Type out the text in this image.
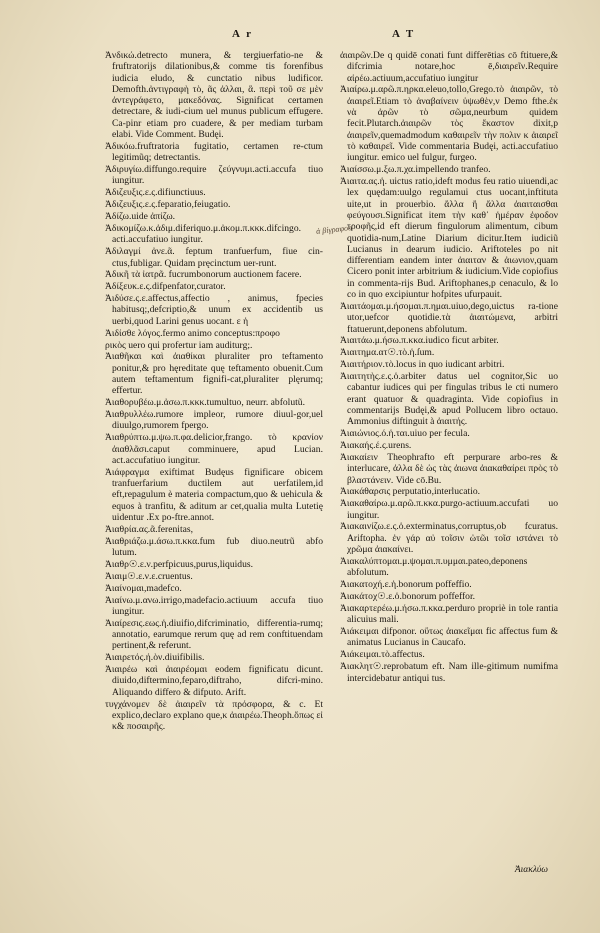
A r	A T

✱ Ἀνδικώ.detrecto munera, & tergiuerfatio-ne & fruftratorijs dilationibus,& comme tis forenfibus iudicia eludo, & cunctatio nibus ludificor. Demofth.ἀντιγραφὴ τὸ, ᾶς ἀλλαι, ἃ. περὶ τοῦ σε μὲν ἀντεγράφετο, μακεδόνας. Significat certamen detrectare, & iudi-cium uel munus publicum effugere. Ca-pinr etiam pro cuadere, & per mediam turbam elabi. Vide Comment. Budęi.

✱ Ἀδικόω.fruftratoria fugitatio, certamen re-ctum legitimũq; detrectantis.

Ἀδιρυγίω.diffungo.require ζεύγνυμι.acti.accufa tiuo iungitur.

Ἀδιζευξις.ε.ς.difiunctiuus.

Ἀδιζευξις.ε.ς.feparatio,feiugatio.

Ἀδίζω.uide ἀπίζω.

✱ Ἀδικομίζω.κ.ἀδιμ.diferiquo.μ.ἀκομ.π.κκκ.difcingo. acti.accufatiuo iungitur.

✱ Ἀδιλαγμί ἀνε.ᾶ. feptum tranfuerfum, fiue cin-ctus,fubligar. Quidam pręcinctum uer-runt.

Ἀδικῆ τὰ ἰατρᾶ. fucrumbonorum auctionem facere.

Ἀδίξευκ.ε.ς.difpenfator,curator.

Ἀιδύσε.ς.ε.affectus,affectio , animus, fpecies habitusq;,defcriptio,& unum ex accidentib us uerbi,quod Larini genus uocant. ε ἡ

Ἀιδίσθε λόγος.fermo animo conceptus:προφο

✱ ρικὸς uero qui profertur iam auditurg;.

✱ Ἀιαθῆκαι καὶ ἀιαθίκαι pluraliter pro teftamento ponitur,& pro hęreditate quę teftamento obuenit.Cum autem teftamentum fignifi-cat,pluraliter plęrumq; effertur.

Ἀιαθορυβέω.μ.ἀσω.π.κκκ.tumultuo, neurr. abfolutũ.

Ἀιαθρυλλέω.rumore impleor, rumore diuul-gor,uel diuulgo,rumorem fpergo.

✱ Ἀιαθρύπτω.μ.ψω.π.φα.delicior,frango. τὸ κρανίον ἀιαθλᾶσι.caput comminuere, apud Lucian. act.accufatiuo iungitur.

✱ Ἀιάφραγμα exiftimat Budęus fignificare obicem tranfuerfarium ductilem aut uerfatilem,id eft,repagulum è materia compactum,quo & uehicula & equos à tranfitu, & aditum ar cet,qualia multa Lutetię uidentur .Ex po-ftre.annot.

Ἀιαθρία.ας.ᾶ.ferenitas,

Ἀιαθριάζω.μ.άσω.π.κκα.fum fub diuo.neutrũ abfo lutum.

Ἀιαθρ☉.ε.ν.perfpicuus,purus,liquidus.

Ἀιαιμ☉.ε.ν.ε.cruentus.

Ἀιαίνομαι,madefco.

Ἀιαίνω.μ.ανω.irrigo,madefacio.actiuum accufa tiuo iungitur.

✱ Ἀιαίρεσις.εως.ἡ.diuifio,difcriminatio, differentia-rumq; annotatio, earumque rerum quę ad rem conftituendam pertinent,& referunt.

Ἀιαιρετός.ή.ὸν.diuifibilis.

✱ Ἀιαιρέω καὶ ἀιαιρέομαι eodem fignificatu dicunt. diuido,diftermino,feparo,diftraho, difcri-mino. Aliquando differo & difputo. Arift.

τυγχάνομεν δὲ ἀιαιρεῖν τὰ πρόσφορα, & c. Et explico,declaro explano que,κ ἀιαιρέω.Theoph.ὅπως εἰ κ& ποσαιρῆς.

ἀιαιρῶν.De q quidē conati funt differētias cō ftituere,& difcrimia notare,hoc ē,διαιρεῖν.Require αἱρέω.actiuum,accufatiuo iungitur

✱ Ἀιαίρω.μ.αρῶ.π.ηρκα.eleuo,tollo,Grego.τὸ ἀιαιρῶν, τὸ ἀιαιρεῖ.Etiam τὸ ἀναβαίνειν ὑψωθὲν,ν Demo fthe.ἐκ νὰ ἀρῶν τὸ σῶμα,neurbum quidem fecit.Plutarch.ἀιαιρῶν τὸς ἔκαστον dixit,p ἀιαιρεῖν,quemadmodum καθαιρεῖν τὴν πολιν κ ἀιαιρεῖ τὸ καθαιρεῖ. Vide commentaria Budęi, acti.accufatiuo iungitur. emico uel fulgur, furgeo.

Ἀιαίσσω.μ.ξω.π.χα.impellendo tranfeo.

✱ Ἀιαιτα.ας.ἡ. uictus ratio,ideft modus feu ratio uiuendi,ac lex quędam:uulgo regulamui ctus uocant,inftituta uite,ut in prouerbio. ἄλλα ἢ ἄλλα ἀιαιταισθαι φεύγουσι.Significat item τὴν καθ᾽ ἡμέραν ἐφοδον τροφῆς,id eft dierum fingulorum alimentum, cibum quotidia-num,Latine Diarium dicitur.Item iudiciũ Lucianus in dearum iudicio. Ariftoteles po nit differentiam eandem inter ἀιαιταν & ἀιωνιον,quam Cicero ponit inter arbitrium & iudicium.Vide copiofius in commenta-rijs Bud. Ariftophanes,p cenaculo, & lo co in quo excipiuntur hofpites ufurpauit.

✱ Ἀιαιτάομαι.μ.ήσομαι.π.ημαι.uiuo,dego,uictus ra-tione utor,uefcor quotidie.τὰ ἀιαιτώμενα, arbitri ftatuerunt,deponens abfolutum.

Ἀιαιτάω.μ.ήσω.π.κκα.iudico ficut arbiter.

✱ Ἀιαιτημα.ατ☉.τὸ.ἡ.ſum.

Ἀιαιτήριον.τὸ.locus in quo iudicant arbitri.

✱ Ἀιαιτητὴς.ε.ς.ὁ.arbiter datus uel cognitor,Sic uo cabantur iudices qui per fingulas tribus le cti numero erant quatuor & quadraginta. Vide copiofius in commentarijs Budęi,& apud Pollucem libro octauo. Ammonius diftinguit à ἀιαιτής.

Ἀιαιώνιος.ό.ἡ.ται.uiuo per fecula.

Ἀιακαής.έ.ς.urens.

✱ Ἀιακαίειν Theophrafto eft perpurare arbo-res & interlucare, ἀλλα δὲ ὡς τὰς ἀιωνα ἀιακαθαίρει πρὸς τὸ βλαστάνειν. Vide cō.Bu.

Ἀιακάθαρσις perputatio,interlucatio.

✱ Ἀιακαθαίρω.μ.αρῶ.π.κκα.purgo-actiuum.accufati uo iungitur.

✱ Ἀιακαινίζω.ε.ς.ὁ.exterminatus,corruptus,ob fcuratus. Ariftopha. ἐν γάρ αὐ τοῖσιν ὠτῶι τοῖσ ιστάνει τὸ χρῶμα ἀιακαίνει.

Ἀιακαλύπτομαι.μ.ψομαι.π.υμμαι.pateo,deponens abfolutum.

✱ Ἀιακατοχή.ε.ἡ.bonorum poffeffio.

✱ Ἀιακάτοχ☉.ε.ὁ.bonorum poffeffor.

✱ Ἀιακαρτερέω.μ.ήσω.π.κκα.perduro propriè in tole rantia alicuius mali.

Ἀιάκειμαι difponor. οὕτως ἀιακεῖμαι fic affectus fum & animatus Lucianus in Caucafo.

✱ Ἀιάκειμαι.τὸ.affectus.

✱ Ἀιακλητ☉.reprobatum eft. Nam ille-gitimum numifma intercidebatur antiqui tus.

ἁ βίγραφοσ
Ἀιακλύω
